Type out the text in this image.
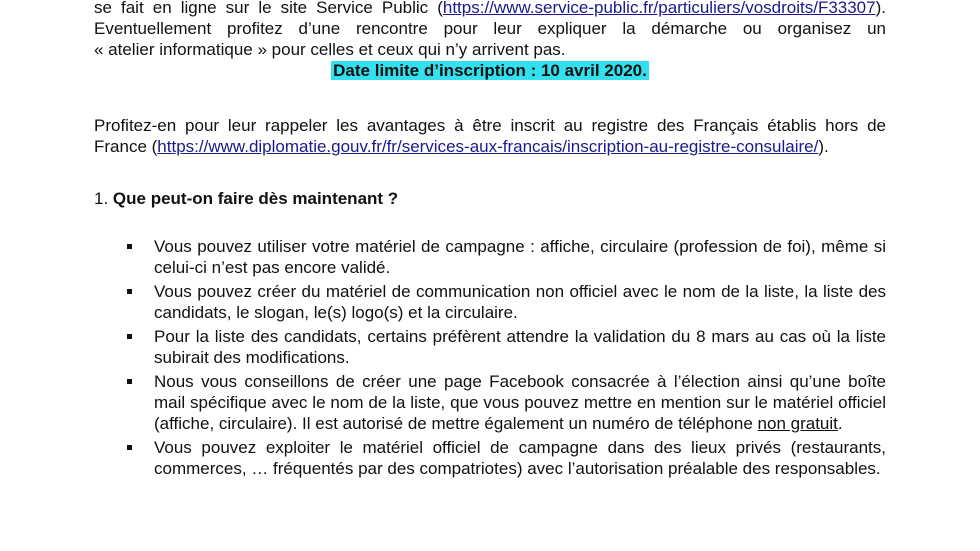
se fait en ligne sur le site Service Public (https://www.service-public.fr/particuliers/vosdroits/F33307).
Eventuellement profitez d’une rencontre pour leur expliquer la démarche ou organisez un
« atelier informatique » pour celles et ceux qui n’y arrivent pas.
Date limite d’inscription : 10 avril 2020.

Profitez-en pour leur rappeler les avantages à être inscrit au registre des Français établis hors de
France (https://www.diplomatie.gouv.fr/fr/services-aux-francais/inscription-au-registre-consulaire/).

1. Que peut-on faire dès maintenant ?

Vous pouvez utiliser votre matériel de campagne : affiche, circulaire (profession de foi), même si celui-ci n’est pas encore validé.
Vous pouvez créer du matériel de communication non officiel avec le nom de la liste, la liste des candidats, le slogan, le(s) logo(s) et la circulaire.
Pour la liste des candidats, certains préfèrent attendre la validation du 8 mars au cas où la liste subirait des modifications.
Nous vous conseillons de créer une page Facebook consacrée à l’élection ainsi qu’une boîte mail spécifique avec le nom de la liste, que vous pouvez mettre en mention sur le matériel officiel (affiche, circulaire). Il est autorisé de mettre également un numéro de téléphone non gratuit.
Vous pouvez exploiter le matériel officiel de campagne dans des lieux privés (restaurants, commerces, … fréquentés par des compatriotes) avec l’autorisation préalable des responsables.
